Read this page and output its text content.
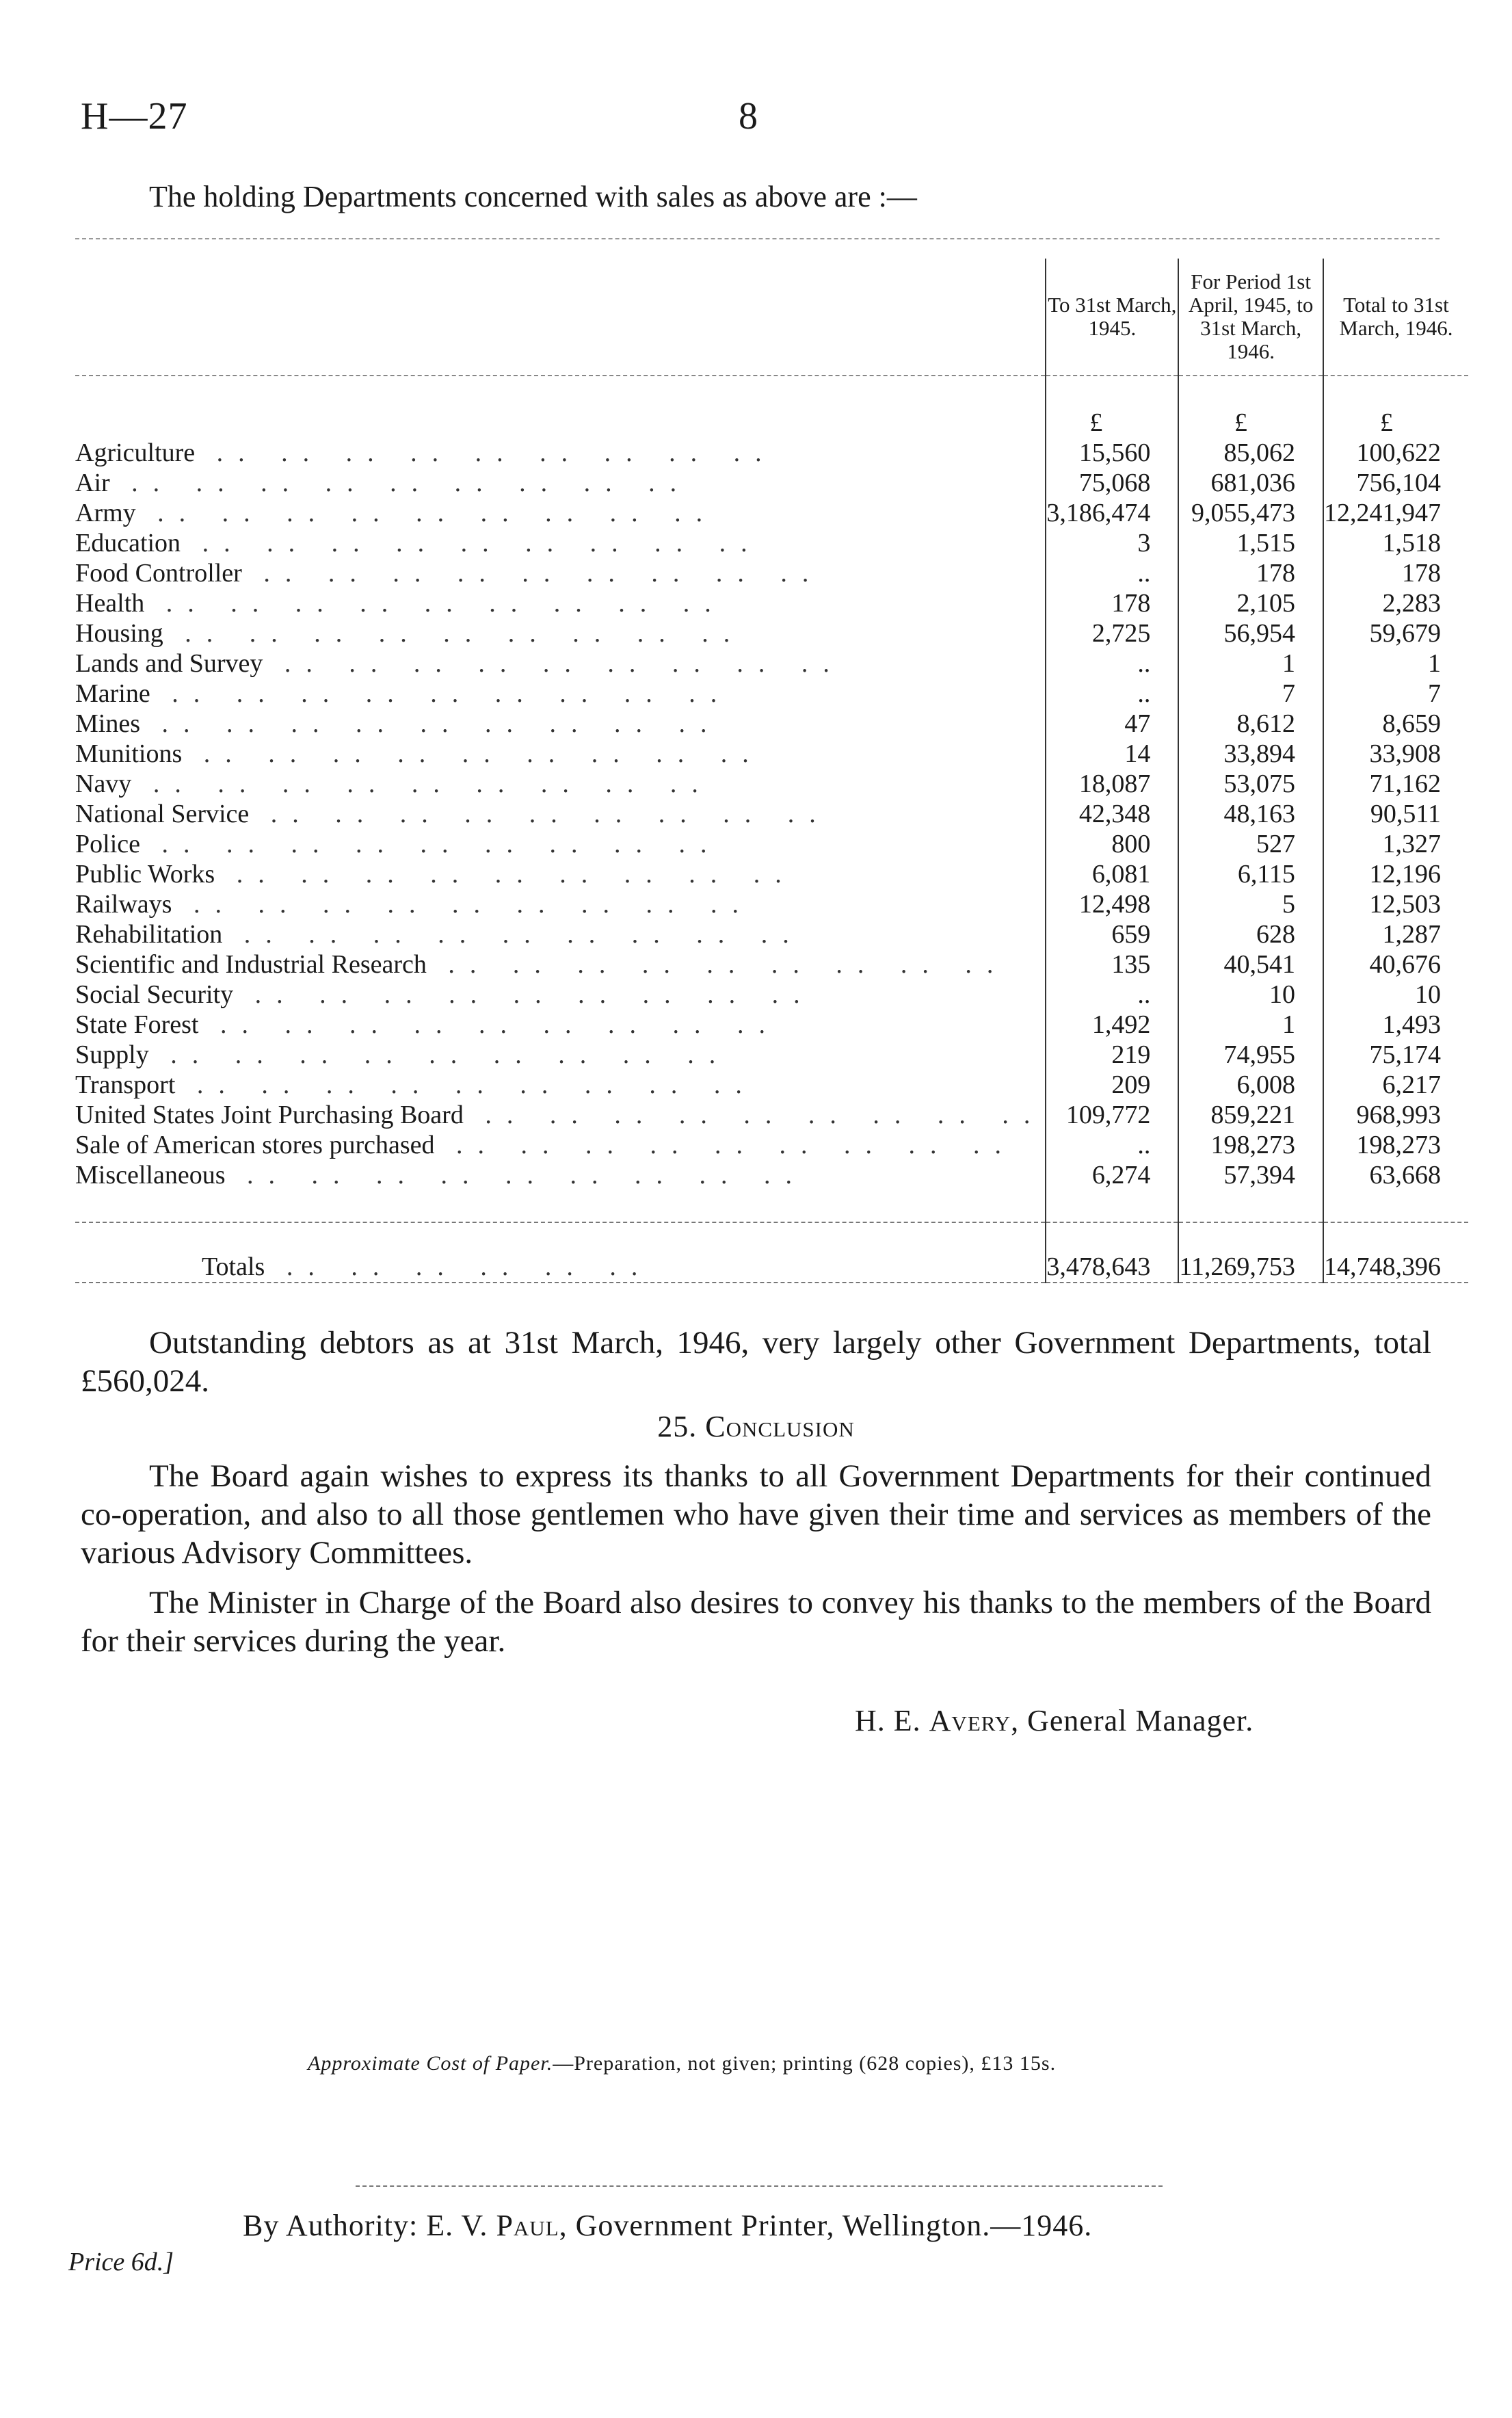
H—27	8
The holding Departments concerned with sales as above are :—
	To 31st March, 1945.	For Period 1st April, 1945, to 31st March, 1946.	Total to 31st March, 1946.

	£	£	£
Agriculture .. .. .. .. .. .. .. .. ..	15,560	85,062	100,622
Air .. .. .. .. .. .. .. .. ..	75,068	681,036	756,104
Army .. .. .. .. .. .. .. .. ..	3,186,474	9,055,473	12,241,947
Education .. .. .. .. .. .. .. .. ..	3	1,515	1,518
Food Controller .. .. .. .. .. .. .. .. ..	..	178	178
Health .. .. .. .. .. .. .. .. ..	178	2,105	2,283
Housing .. .. .. .. .. .. .. .. ..	2,725	56,954	59,679
Lands and Survey .. .. .. .. .. .. .. .. ..	..	1	1
Marine .. .. .. .. .. .. .. .. ..	..	7	7
Mines .. .. .. .. .. .. .. .. ..	47	8,612	8,659
Munitions .. .. .. .. .. .. .. .. ..	14	33,894	33,908
Navy .. .. .. .. .. .. .. .. ..	18,087	53,075	71,162
National Service .. .. .. .. .. .. .. .. ..	42,348	48,163	90,511
Police .. .. .. .. .. .. .. .. ..	800	527	1,327
Public Works .. .. .. .. .. .. .. .. ..	6,081	6,115	12,196
Railways .. .. .. .. .. .. .. .. ..	12,498	5	12,503
Rehabilitation .. .. .. .. .. .. .. .. ..	659	628	1,287
Scientific and Industrial Research .. .. .. .. .. .. .. .. ..	135	40,541	40,676
Social Security .. .. .. .. .. .. .. .. ..	..	10	10
State Forest .. .. .. .. .. .. .. .. ..	1,492	1	1,493
Supply .. .. .. .. .. .. .. .. ..	219	74,955	75,174
Transport .. .. .. .. .. .. .. .. ..	209	6,008	6,217
United States Joint Purchasing Board .. .. .. .. .. .. .. .. ..	109,772	859,221	968,993
Sale of American stores purchased .. .. .. .. .. .. .. .. ..	..	198,273	198,273
Miscellaneous .. .. .. .. .. .. .. .. ..	6,274	57,394	63,668

Totals .. .. .. .. .. ..	3,478,643	11,269,753	14,748,396
Outstanding debtors as at 31st March, 1946, very largely other Government Departments, total £560,024.
25. Conclusion
The Board again wishes to express its thanks to all Government Departments for their continued co-operation, and also to all those gentlemen who have given their time and services as members of the various Advisory Committees.
The Minister in Charge of the Board also desires to convey his thanks to the members of the Board for their services during the year.
H. E. Avery, General Manager.
Approximate Cost of Paper.—Preparation, not given; printing (628 copies), £13 15s.
By Authority: E. V. Paul, Government Printer, Wellington.—1946.
Price 6d.]
